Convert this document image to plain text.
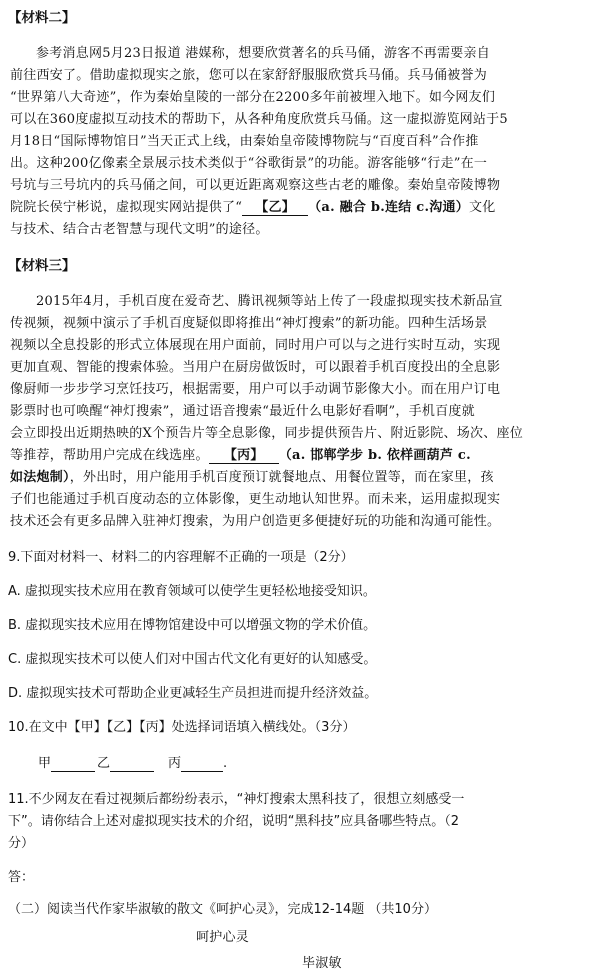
【材料二】
参考消息网5月23日报道 港媒称，想要欣赏著名的兵马俑，游客不再需要亲自
前往西安了。借助虚拟现实之旅，您可以在家舒舒服服欣赏兵马俑。兵马俑被誉为
“世界第八大奇迹”，作为秦始皇陵的一部分在2200多年前被埋入地下。如今网友们
可以在360度虚拟互动技术的帮助下，从各种角度欣赏兵马俑。这一虚拟游览网站于5
月18日“国际博物馆日”当天正式上线，由秦始皇帝陵博物院与“百度百科”合作推
出。这种200亿像素全景展示技术类似于“谷歌街景”的功能。游客能够“行走”在一
号坑与三号坑内的兵马俑之间，可以更近距离观察这些古老的雕像。秦始皇帝陵博物
院院长侯宁彬说，虚拟现实网站提供了“ 【乙】 （a. 融合 b.连结 c.沟通）文化
与技术、结合古老智慧与现代文明”的途径。
【材料三】
2015年4月，手机百度在爱奇艺、腾讯视频等站上传了一段虚拟现实技术新品宣
传视频，视频中演示了手机百度疑似即将推出“神灯搜索”的新功能。四种生活场景
视频以全息投影的形式立体展现在用户面前，同时用户可以与之进行实时互动，实现
更加直观、智能的搜索体验。当用户在厨房做饭时，可以跟着手机百度投出的全息影
像厨师一步步学习烹饪技巧，根据需要，用户可以手动调节影像大小。而在用户订电
影票时也可唤醒“神灯搜索”，通过语音搜索“最近什么电影好看啊”，手机百度就
会立即投出近期热映的X个预告片等全息影像，同步提供预告片、附近影院、场次、座位
等推荐，帮助用户完成在线选座。 【丙】 （a. 邯郸学步 b. 依样画葫芦 c.
如法炮制），外出时，用户能用手机百度预订就餐地点、用餐位置等，而在家里，孩
子们也能通过手机百度动态的立体影像，更生动地认知世界。而未来，运用虚拟现实
技术还会有更多品牌入驻神灯搜索，为用户创造更多便捷好玩的功能和沟通可能性。
9.下面对材料一、材料二的内容理解不正确的一项是（2分）
A. 虚拟现实技术应用在教育领域可以使学生更轻松地接受知识。
B. 虚拟现实技术应用在博物馆建设中可以增强文物的学术价值。
C. 虚拟现实技术可以使人们对中国古代文化有更好的认知感受。
D. 虚拟现实技术可帮助企业更减轻生产员担进而提升经济效益。
10.在文中【甲】【乙】【丙】处选择词语填入横线处。（3分）
甲	乙	丙	.
11.不少网友在看过视频后都纷纷表示，“神灯搜索太黑科技了，很想立刻感受一
下”。请你结合上述对虚拟现实技术的介绍，说明“黑科技”应具备哪些特点。（2
分）
答：
（二）阅读当代作家毕淑敏的散文《呵护心灵》，完成12-14题 （共10分）
呵护心灵
毕淑敏
